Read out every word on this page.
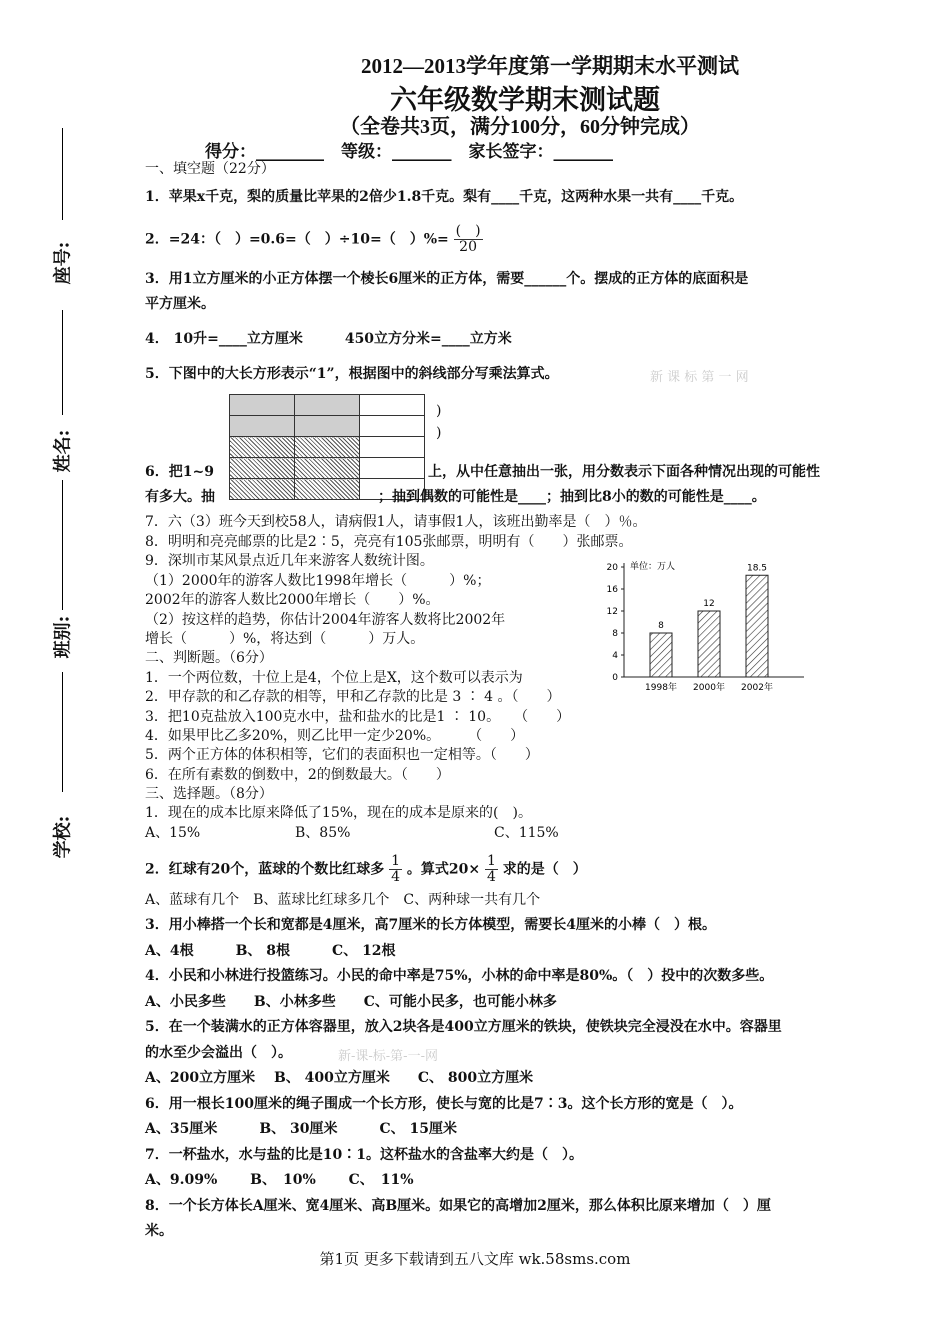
2012—2013学年度第一学期期末水平测试
六年级数学期末测试题
（全卷共3页，满分100分，60分钟完成）
得分：________　等级：_______　家长签字：_______
座号:
姓名:
班别:
学校:
一、填空题（22分）
1．苹果x千克，梨的质量比苹果的2倍少1.8千克。梨有____千克，这两种水果一共有____千克。
2．=24：（　）=0.6=（　）÷10=（　）%= $\frac{( )}{20}$
3．用1立方厘米的小正方体摆一个棱长6厘米的正方体，需要______个。摆成的正方体的底面积是
平方厘米。
4． 10升=____立方厘米　　　450立方分米=____立方米
5．下图中的大长方形表示“1”，根据图中的斜线部分写乘法算式。	新 课 标 第 一 网

)
)
6．把1~9	上，从中任意抽出一张，用分数表示下面各种情况出现的可能性
有多大。抽	；抽到偶数的可能性是____；抽到比8小的数的可能性是____。
7．六（3）班今天到校58人，请病假1人，请事假1人，该班出勤率是（　）％。
8．明明和亮亮邮票的比是2∶5，亮亮有105张邮票，明明有（　　）张邮票。
9．深圳市某风景点近几年来游客人数统计图。
（1）2000年的游客人数比1998年增长（　　　）%；
2002年的游客人数比2000年增长（　　）%。
（2）按这样的趋势，你估计2004年游客人数将比2002年
增长（　　　）%，将达到（　　　）万人。
二、判断题。（6分）
1．一个两位数，十位上是4，个位上是X，这个数可以表示为
2．甲存款的和乙存款的相等，甲和乙存款的比是 3 ∶ 4 。（　　）
3．把10克盐放入100克水中，盐和盐水的比是1 ∶ 10。　　（　　）
4．如果甲比乙多20%，则乙比甲一定少20%。　　　（　　）
5．两个正方体的体积相等，它们的表面积也一定相等。（　　）
6．在所有素数的倒数中，2的倒数最大。（　　）
0
4
8
12
16
20 单位：万人
8
1998年
12
2000年
18.5
2002年
三、选择题。（8分）
1．现在的成本比原来降低了15%，现在的成本是原来的(　)。
A、15%	B、85%	C、115%
2．红球有20个，蓝球的个数比红球多 $\frac{1}{4}$ 。算式$20\times \frac{1}{4}$ 求的是（　）
A、蓝球有几个　B、蓝球比红球多几个　C、两种球一共有几个
3．用小棒搭一个长和宽都是4厘米，高7厘米的长方体模型，需要长4厘米的小棒（　）根。
A、4根　　　B、 8根　　　C、 12根
4．小民和小林进行投篮练习。小民的命中率是75%，小林的命中率是80%。（　）投中的次数多些。
A、小民多些　　B、小林多些　　C、可能小民多，也可能小林多
5．在一个装满水的正方体容器里，放入2块各是400立方厘米的铁块，使铁块完全浸没在水中。容器里
的水至少会溢出（　）。	新-课-标-第-一-网
A、200立方厘米　 B、 400立方厘米　　C、 800立方厘米
6．用一根长100厘米的绳子围成一个长方形，使长与宽的比是7∶3。这个长方形的宽是（　）。
A、35厘米　　　B、 30厘米　　　C、 15厘米
7．一杯盐水，水与盐的比是10∶1。这杯盐水的含盐率大约是（　）。
A、9.09%　　 B、　10%　　 C、　11%
8．一个长方体长A厘米、宽4厘米、高B厘米。如果它的高增加2厘米，那么体积比原来增加（　）厘
米。
第1页 更多下载请到五八文库 wk.58sms.com
